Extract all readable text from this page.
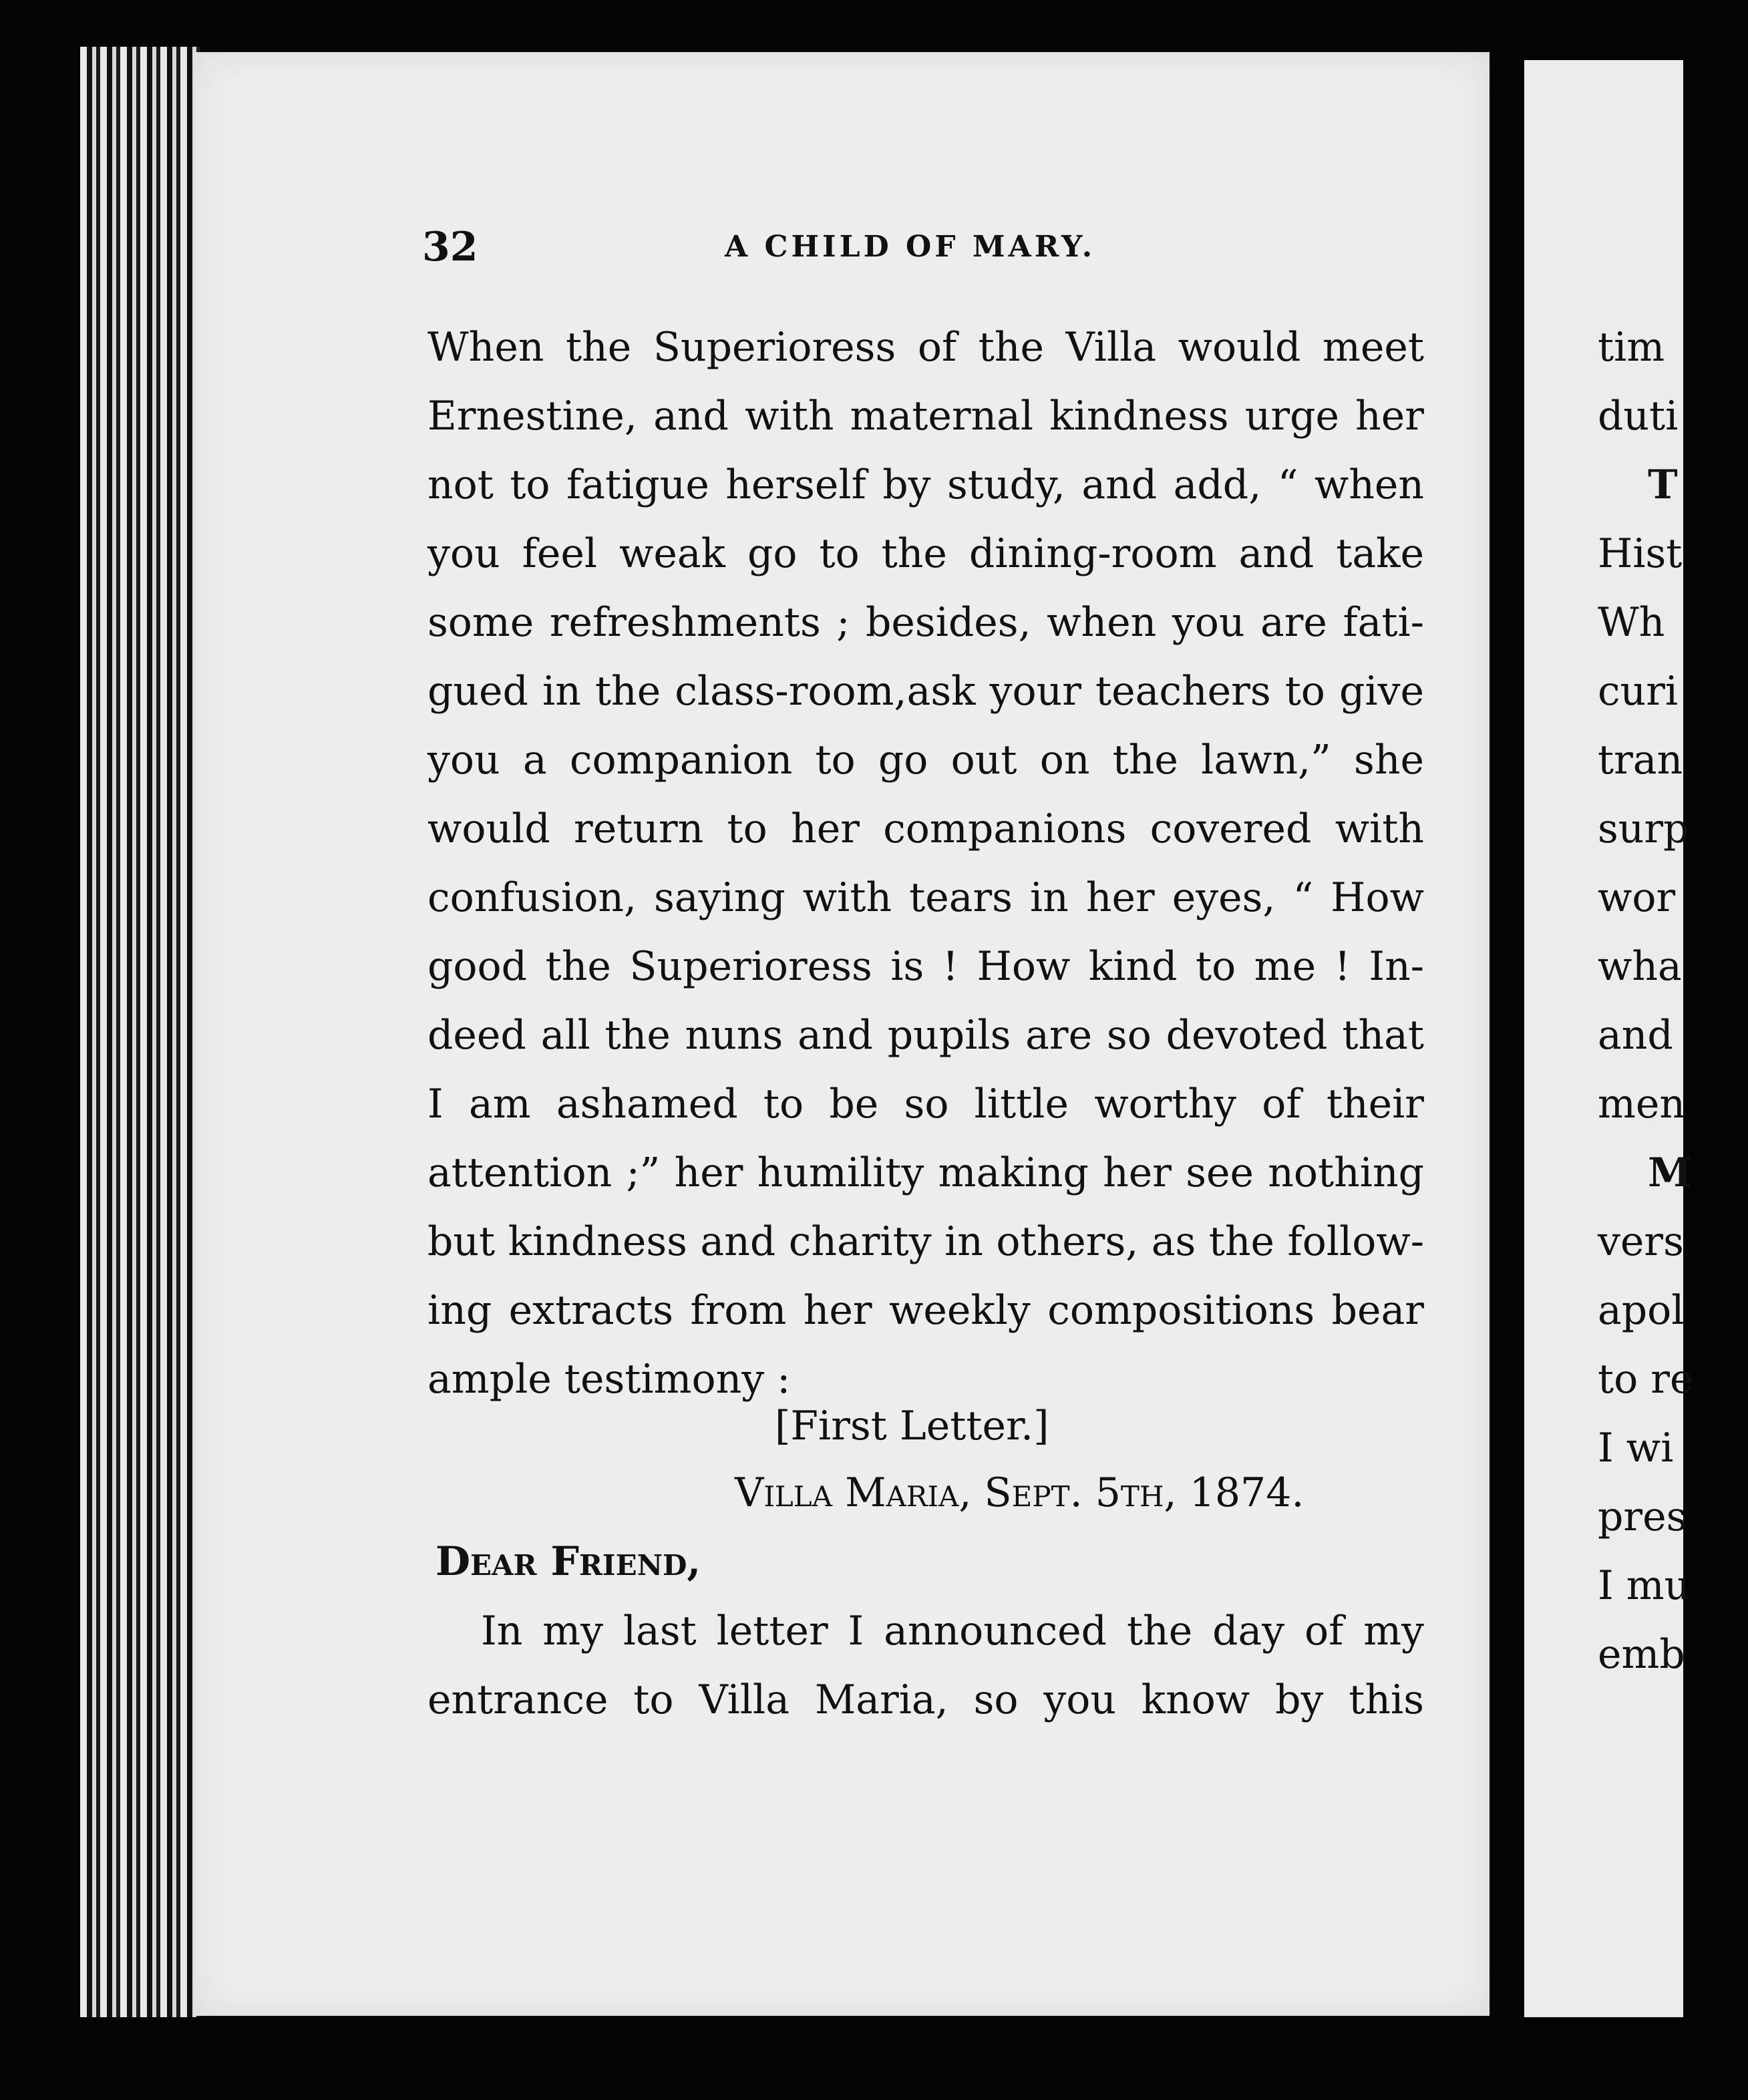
32	A CHILD OF MARY.
When the Superioress of the Villa would meet
Ernestine, and with maternal kindness urge her
not to fatigue herself by study, and add, “ when
you feel weak go to the dining-room and take
some refreshments ; besides, when you are fati-
gued in the class-room,ask your teachers to give
you a companion to go out on the lawn,” she
would return to her companions covered with
confusion, saying with tears in her eyes, “ How
good the Superioress is ! How kind to me ! In-
deed all the nuns and pupils are so devoted that
I am ashamed to be so little worthy of their
attention ;” her humility making her see nothing
but kindness and charity in others, as the follow-
ing extracts from her weekly compositions bear
ample testimony :
[First Letter.]
Villa Maria, Sept. 5th, 1874.
Dear Friend,
In my last letter I announced the day of my
entrance to Villa Maria, so you know by this
tim
duti
T
Hist
Wh
curi
tran
surp
wor
wha
and
men
M
vers
apol
to re
I wi
pres
I mu
emb
